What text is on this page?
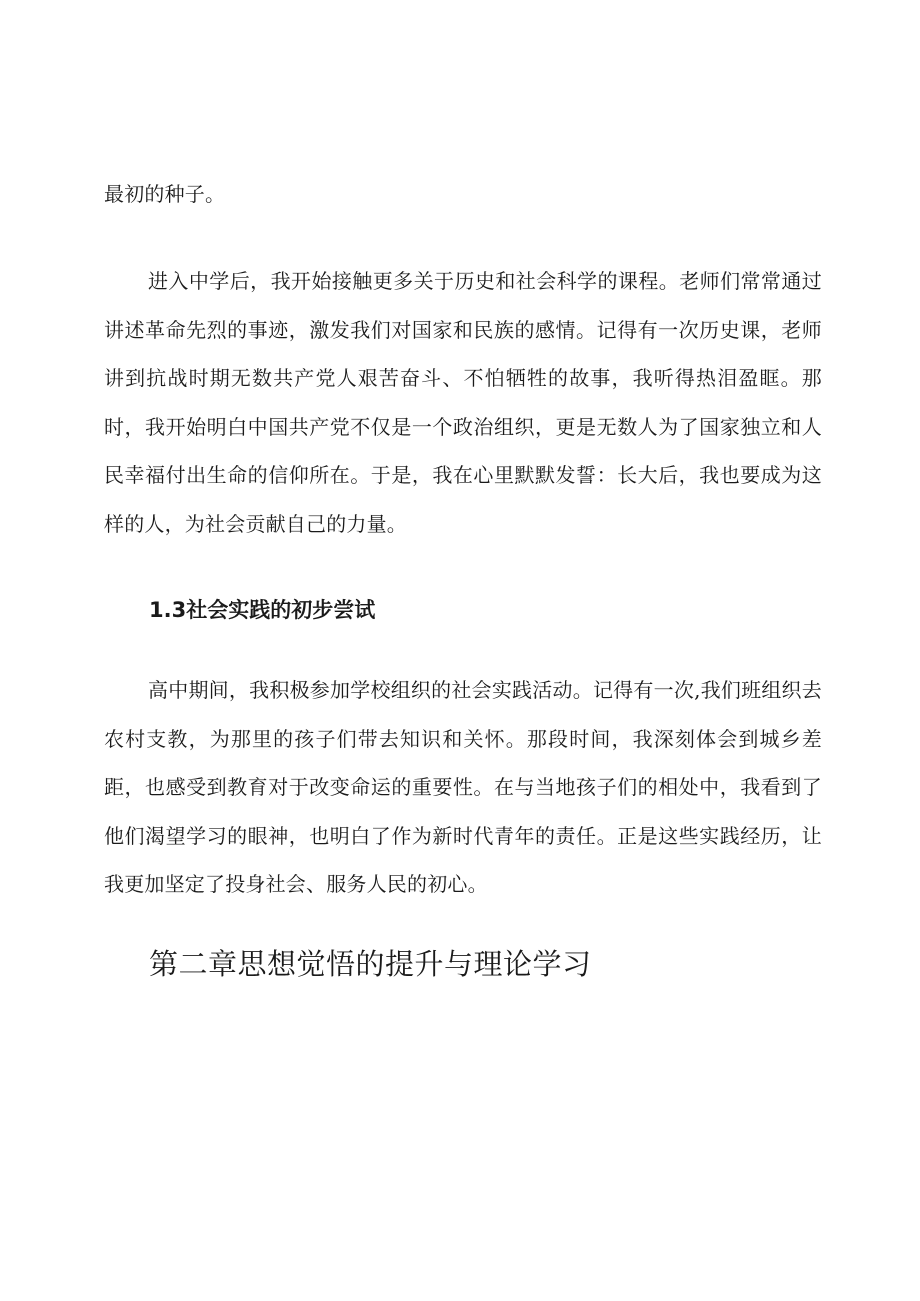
最初的种子。

进入中学后，我开始接触更多关于历史和社会科学的课程。老师们常常通过讲述革命先烈的事迹，激发我们对国家和民族的感情。记得有一次历史课，老师讲到抗战时期无数共产党人艰苦奋斗、不怕牺牲的故事，我听得热泪盈眶。那时，我开始明白中国共产党不仅是一个政治组织，更是无数人为了国家独立和人民幸福付出生命的信仰所在。于是，我在心里默默发誓：长大后，我也要成为这样的人，为社会贡献自己的力量。

1.3社会实践的初步尝试

高中期间，我积极参加学校组织的社会实践活动。记得有一次,我们班组织去农村支教，为那里的孩子们带去知识和关怀。那段时间，我深刻体会到城乡差距，也感受到教育对于改变命运的重要性。在与当地孩子们的相处中，我看到了他们渴望学习的眼神，也明白了作为新时代青年的责任。正是这些实践经历，让我更加坚定了投身社会、服务人民的初心。

第二章思想觉悟的提升与理论学习
